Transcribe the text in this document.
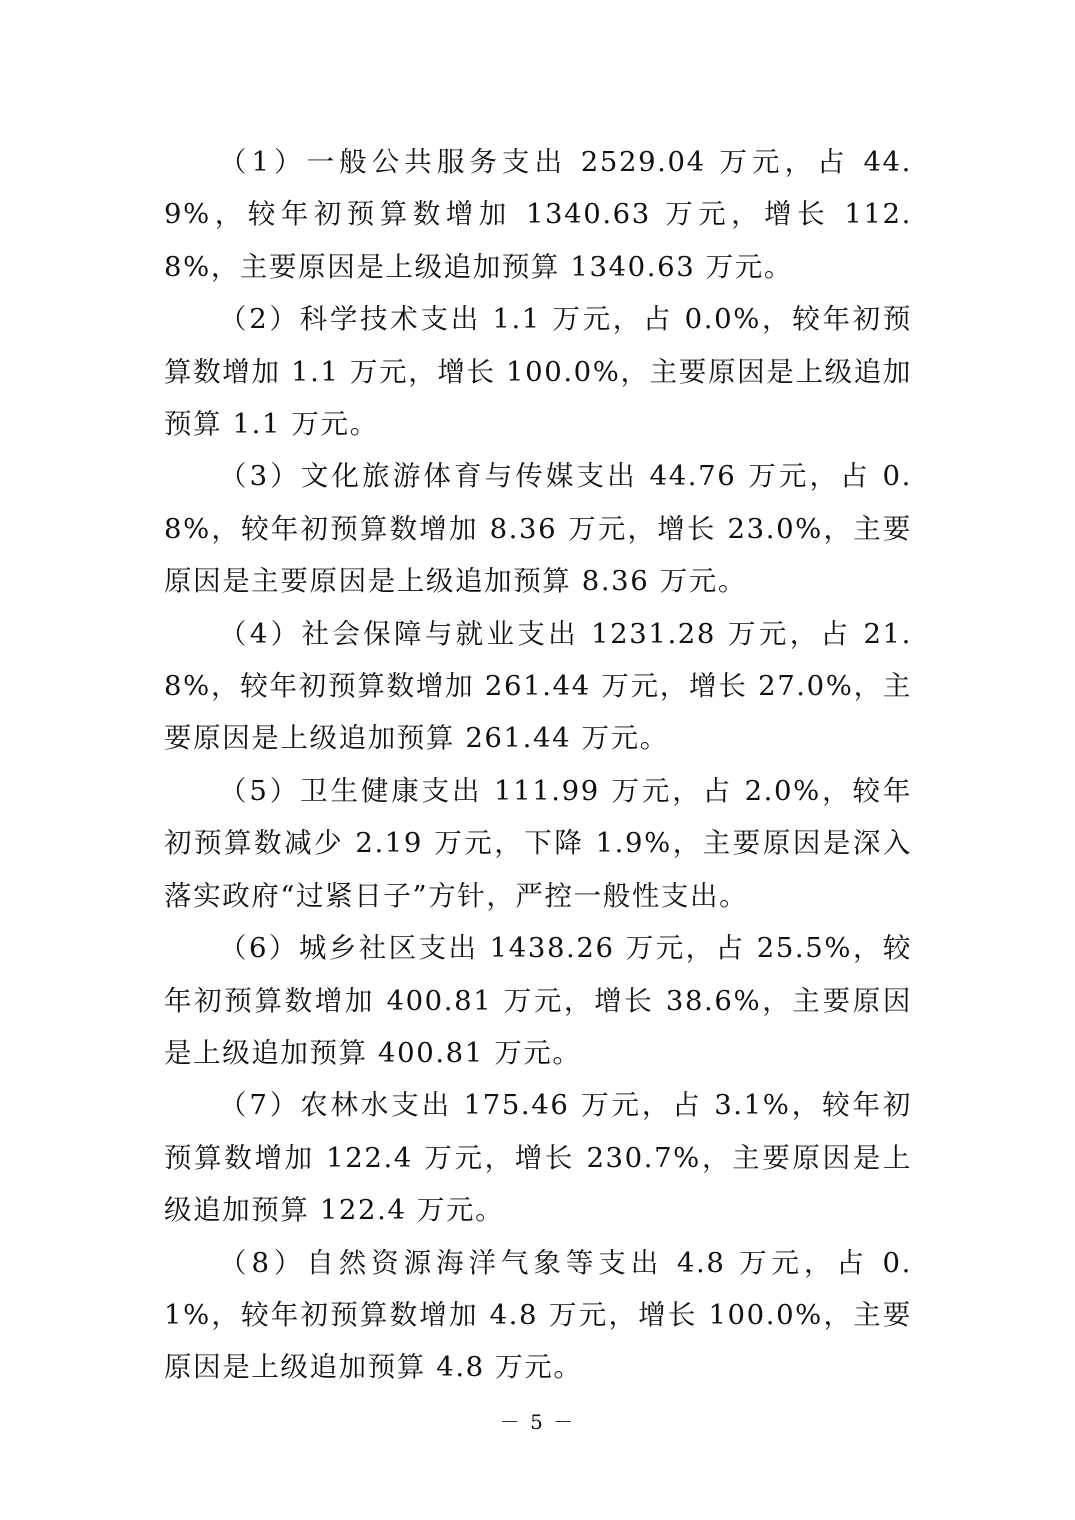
（1）一般公共服务支出 2529.04 万元，占 44.9%，较年初预算数增加 1340.63 万元，增长 112.8%，主要原因是上级追加预算 1340.63 万元。

（2）科学技术支出 1.1 万元，占 0.0%，较年初预算数增加 1.1 万元，增长 100.0%，主要原因是上级追加预算 1.1 万元。

（3）文化旅游体育与传媒支出 44.76 万元，占 0.8%，较年初预算数增加 8.36 万元，增长 23.0%，主要原因是主要原因是上级追加预算 8.36 万元。

（4）社会保障与就业支出 1231.28 万元，占 21.8%，较年初预算数增加 261.44 万元，增长 27.0%，主要原因是上级追加预算 261.44 万元。

（5）卫生健康支出 111.99 万元，占 2.0%，较年初预算数减少 2.19 万元，下降 1.9%，主要原因是深入落实政府“过紧日子”方针，严控一般性支出。

（6）城乡社区支出 1438.26 万元，占 25.5%，较年初预算数增加 400.81 万元，增长 38.6%，主要原因是上级追加预算 400.81 万元。

（7）农林水支出 175.46 万元，占 3.1%，较年初预算数增加 122.4 万元，增长 230.7%，主要原因是上级追加预算 122.4 万元。

（8）自然资源海洋气象等支出 4.8 万元，占 0.1%，较年初预算数增加 4.8 万元，增长 100.0%，主要原因是上级追加预算 4.8 万元。

－ 5 －
